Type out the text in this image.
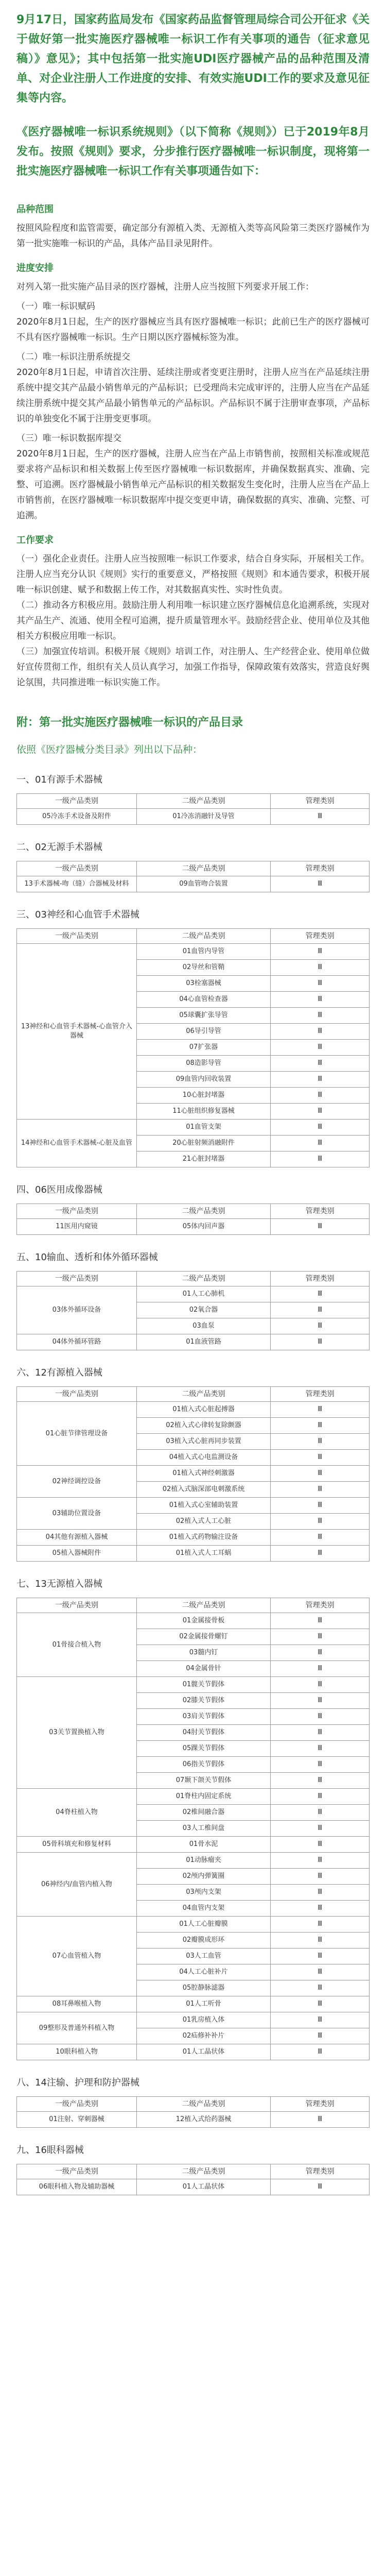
9月17日，国家药监局发布《国家药品监督管理局综合司公开征求《关于做好第一批实施医疗器械唯一标识工作有关事项的通告（征求意见稿）》意见》；其中包括第一批实施UDI医疗器械产品的品种范围及清单、对企业注册人工作进度的安排、有效实施UDI工作的要求及意见征集等内容。

《医疗器械唯一标识系统规则》（以下简称《规则》）已于2019年8月发布。按照《规则》要求，分步推行医疗器械唯一标识制度，现将第一批实施医疗器械唯一标识工作有关事项通告如下：

品种范围

按照风险程度和监管需要，确定部分有源植入类、无源植入类等高风险第三类医疗器械作为第一批实施唯一标识的产品，具体产品目录见附件。

进度安排

对列入第一批实施产品目录的医疗器械，注册人应当按照下列要求开展工作：

（一）唯一标识赋码

2020年8月1日起，生产的医疗器械应当具有医疗器械唯一标识；此前已生产的医疗器械可不具有医疗器械唯一标识。生产日期以医疗器械标签为准。

（二）唯一标识注册系统提交

2020年8月1日起，申请首次注册、延续注册或者变更注册时，注册人应当在产品延续注册系统中提交其产品最小销售单元的产品标识；已受理尚未完成审评的，注册人应当在产品延续注册系统中提交其产品最小销售单元的产品标识。产品标识不属于注册审查事项，产品标识的单独变化不属于注册变更事项。

（三）唯一标识数据库提交

2020年8月1日起，生产的医疗器械，注册人应当在产品上市销售前，按照相关标准或规范要求将产品标识和相关数据上传至医疗器械唯一标识数据库，并确保数据真实、准确、完整、可追溯。医疗器械最小销售单元产品标识的相关数据发生变化时，注册人应当在产品上市销售前，在医疗器械唯一标识数据库中提交变更申请，确保数据的真实、准确、完整、可追溯。

工作要求

（一）强化企业责任。注册人应当按照唯一标识工作要求，结合自身实际，开展相关工作。注册人应当充分认识《规则》实行的重要意义，严格按照《规则》和本通告要求，积极开展唯一标识创建、赋予和数据上传工作，对其数据真实性、实时性负责。

（二）推动各方积极应用。鼓励注册人利用唯一标识建立医疗器械信息化追溯系统，实现对其产品生产、流通、使用全程可追溯，提升质量管理水平。鼓励经营企业、使用单位及其他相关方积极应用唯一标识。

（三）加强宣传培训。积极开展《规则》培训工作，对注册人、生产经营企业、使用单位做好宣传贯彻工作，组织有关人员认真学习，加强工作指导，保障政策有效落实，营造良好舆论氛围，共同推进唯一标识实施工作。

附：第一批实施医疗器械唯一标识的产品目录
依照《医疗器械分类目录》列出以下品种：
一、01有源手术器械
一级产品类别	二级产品类别	管理类别
05冷冻手术设备及附件	01冷冻消融针及导管	Ⅲ
二、02无源手术器械
一级产品类别	二级产品类别	管理类别
13手术器械-吻（缝）合器械及材料	09血管吻合装置	Ⅲ
三、03神经和心血管手术器械
一级产品类别	二级产品类别	管理类别
13神经和心血管手术器械-心血管介入器械	01血管内导管	Ⅲ
	02导丝和管鞘	Ⅲ
	03栓塞器械	Ⅲ
	04心血管检查器	Ⅲ
	05球囊扩张导管	Ⅲ
	06导引导管	Ⅲ
	07扩张器	Ⅲ
	08造影导管	Ⅲ
	09血管内回收装置	Ⅲ
	10心脏封堵器	Ⅲ
	11心脏组织修复器械	Ⅲ
14神经和心血管手术器械-心脏及血管	01血管支架	Ⅲ
	20心脏射频消融附件	Ⅲ
	21心脏封堵器	Ⅲ
四、06医用成像器械
一级产品类别	二级产品类别	管理类别
11医用内窥镜	05体内回声器	Ⅲ
五、10输血、透析和体外循环器械
一级产品类别	二级产品类别	管理类别
03体外循环设备	01人工心肺机	Ⅲ
	02氧合器	Ⅲ
	03血泵	Ⅲ
04体外循环管路	01血液管路	Ⅲ
六、12有源植入器械
一级产品类别	二级产品类别	管理类别
01心脏节律管理设备	01植入式心脏起搏器	Ⅲ
	02植入式心律转复除颤器	Ⅲ
	03植入式心脏再同步装置	Ⅲ
	04植入式心电监测设备	Ⅲ
02神经调控设备	01植入式神经刺激器	Ⅲ
	02植入式脑深部电刺激系统	Ⅲ
03辅助位置设备	01植入式心室辅助装置	Ⅲ
	02植入式人工心脏	Ⅲ
04其他有源植入器械	01植入式药物输注设备	Ⅲ
05植入器械附件	01植入式人工耳蜗	Ⅲ
七、13无源植入器械
一级产品类别	二级产品类别	管理类别
01骨接合植入物	01金属接骨板	Ⅲ
	02金属接骨螺钉	Ⅲ
	03髓内钉	Ⅲ
	04金属骨针	Ⅲ
03关节置换植入物	01髋关节假体	Ⅲ
	02膝关节假体	Ⅲ
	03肩关节假体	Ⅲ
	04肘关节假体	Ⅲ
	05踝关节假体	Ⅲ
	06指关节假体	Ⅲ
	07颞下颌关节假体	Ⅲ
04脊柱植入物	01脊柱内固定系统	Ⅲ
	02椎间融合器	Ⅲ
	03人工椎间盘	Ⅲ
05骨科填充和修复材料	01骨水泥	Ⅲ
06神经内/血管内植入物	01动脉瘤夹	Ⅲ
	02颅内弹簧圈	Ⅲ
	03颅内支架	Ⅲ
	04血管内支架	Ⅲ
07心血管植入物	01人工心脏瓣膜	Ⅲ
	02瓣膜成形环	Ⅲ
	03人工血管	Ⅲ
	04人工心脏补片	Ⅲ
	05腔静脉滤器	Ⅲ
08耳鼻喉植入物	01人工听骨	Ⅲ
09整形及普通外科植入物	01乳房植入体	Ⅲ
	02疝修补补片	Ⅲ
10眼科植入物	01人工晶状体	Ⅲ
八、14注输、护理和防护器械
一级产品类别	二级产品类别	管理类别
01注射、穿刺器械	12植入式给药器械	Ⅲ
九、16眼科器械
一级产品类别	二级产品类别	管理类别
06眼科植入物及辅助器械	01人工晶状体	Ⅲ
